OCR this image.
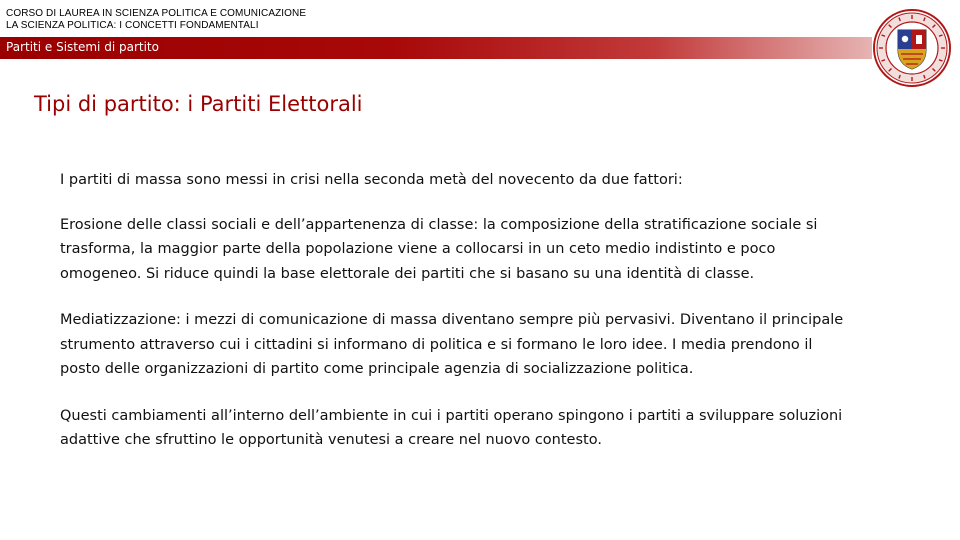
CORSO DI LAUREA IN SCIENZA POLITICA E COMUNICAZIONE
LA SCIENZA POLITICA: I CONCETTI FONDAMENTALI
Partiti e Sistemi di partito
Tipi di partito: i Partiti Elettorali

I partiti di massa sono messi in crisi nella seconda metà del novecento da due fattori:

Erosione delle classi sociali e dell’appartenenza di classe: la composizione della stratificazione sociale si trasforma, la maggior parte della popolazione viene a collocarsi in un ceto medio indistinto e poco omogeneo. Si riduce quindi la base elettorale dei partiti che si basano su una identità di classe.

Mediatizzazione: i mezzi di comunicazione di massa diventano sempre più pervasivi. Diventano il principale strumento attraverso cui i cittadini si informano di politica e si formano le loro idee. I media prendono il posto delle organizzazioni di partito come principale agenzia di socializzazione politica.

Questi cambiamenti all’interno dell’ambiente in cui i partiti operano spingono i partiti a sviluppare soluzioni adattive che sfruttino le opportunità venutesi a creare nel nuovo contesto.
